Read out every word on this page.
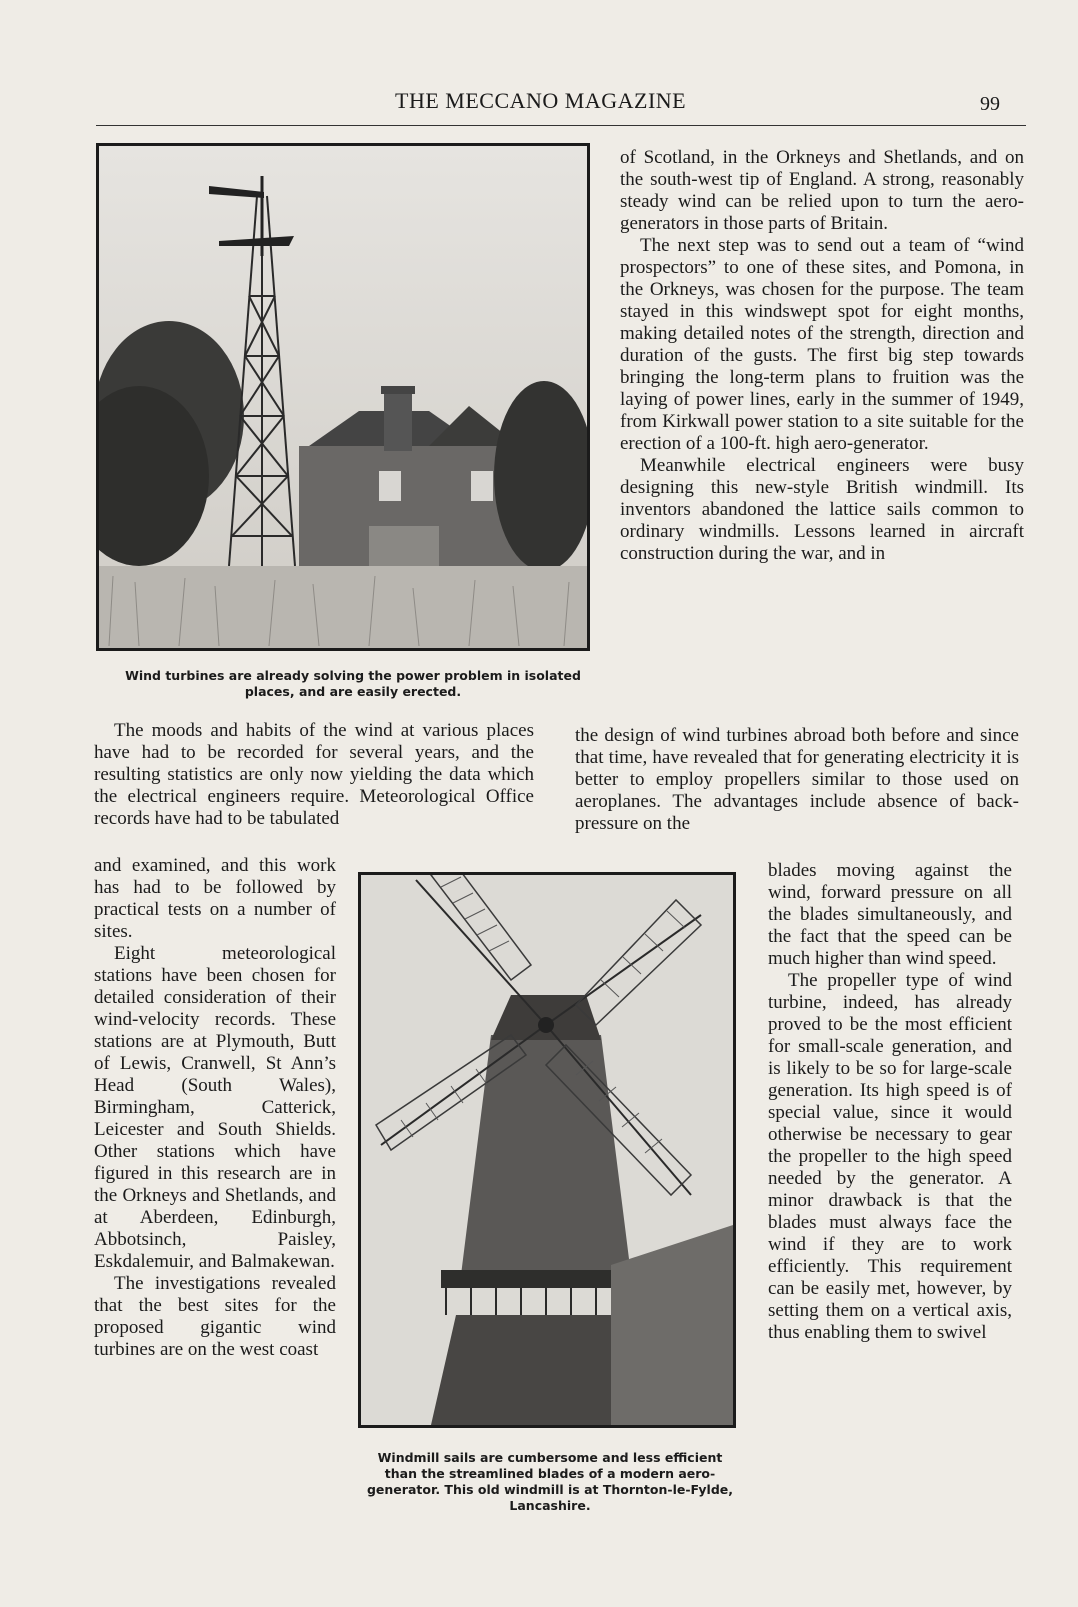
THE MECCANO MAGAZINE	99
Wind turbines are already solving the power problem in isolated places, and are easily erected.

of Scotland, in the Orkneys and Shetlands, and on the south-west tip of England. A strong, reasonably steady wind can be relied upon to turn the aero-generators in those parts of Britain.

The next step was to send out a team of “wind prospectors” to one of these sites, and Pomona, in the Orkneys, was chosen for the purpose. The team stayed in this windswept spot for eight months, making detailed notes of the strength, direction and duration of the gusts. The first big step towards bringing the long-term plans to fruition was the laying of power lines, early in the summer of 1949, from Kirkwall power station to a site suitable for the erection of a 100-ft. high aero-generator.

Meanwhile electrical engineers were busy designing this new-style British windmill. Its inventors abandoned the lattice sails common to ordinary windmills. Lessons learned in aircraft construction during the war, and in

The moods and habits of the wind at various places have had to be recorded for several years, and the resulting statistics are only now yielding the data which the electrical engineers require. Meteorological Office records have had to be tabulated

the design of wind turbines abroad both before and since that time, have revealed that for generating electricity it is better to employ propellers similar to those used on aeroplanes. The advantages include absence of back-pressure on the

Windmill sails are cumbersome and less efficient than the streamlined blades of a modern aero-generator. This old windmill is at Thornton-le-Fylde, Lancashire.

and examined, and this work has had to be followed by practical tests on a number of sites.

Eight meteorological stations have been chosen for detailed consideration of their wind-velocity records. These stations are at Plymouth, Butt of Lewis, Cranwell, St Ann’s Head (South Wales), Birmingham, Catterick, Leicester and South Shields. Other stations which have figured in this research are in the Orkneys and Shetlands, and at Aberdeen, Edinburgh, Abbotsinch, Paisley, Eskdalemuir, and Balmakewan.

The investigations revealed that the best sites for the proposed gigantic wind turbines are on the west coast

blades moving against the wind, forward pressure on all the blades simultaneously, and the fact that the speed can be much higher than wind speed.

The propeller type of wind turbine, indeed, has already proved to be the most efficient for small-scale generation, and is likely to be so for large-scale generation. Its high speed is of special value, since it would otherwise be necessary to gear the propeller to the high speed needed by the generator. A minor drawback is that the blades must always face the wind if they are to work efficiently. This requirement can be easily met, however, by setting them on a vertical axis, thus enabling them to swivel
